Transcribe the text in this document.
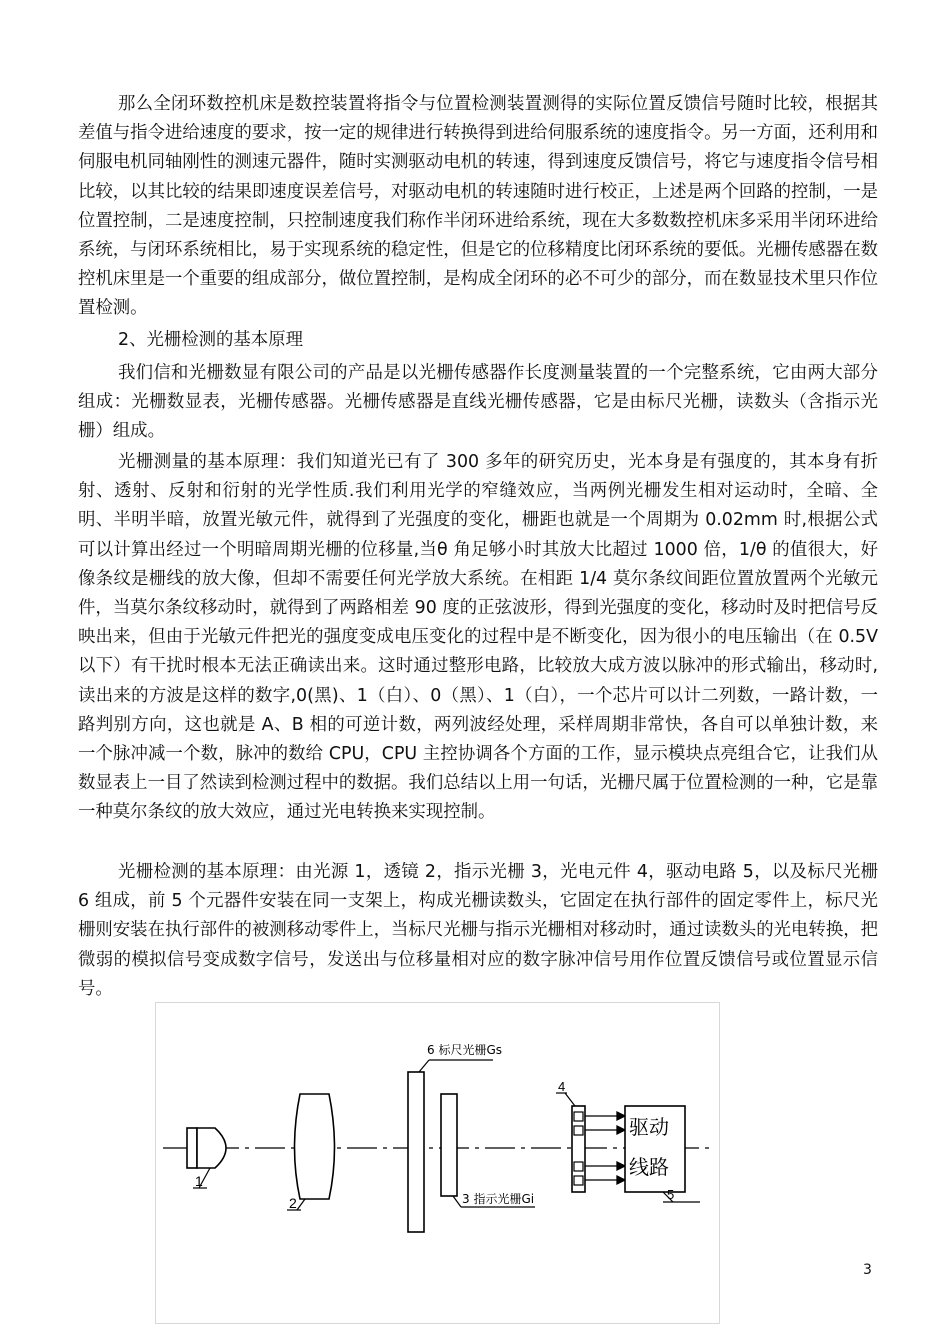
那么全闭环数控机床是数控装置将指令与位置检测装置测得的实际位置反馈信号随时比较，根据其差值与指令进给速度的要求，按一定的规律进行转换得到进给伺服系统的速度指令。另一方面，还利用和伺服电机同轴刚性的测速元器件，随时实测驱动电机的转速，得到速度反馈信号，将它与速度指令信号相比较，以其比较的结果即速度误差信号，对驱动电机的转速随时进行校正，上述是两个回路的控制，一是位置控制，二是速度控制，只控制速度我们称作半闭环进给系统，现在大多数数控机床多采用半闭环进给系统，与闭环系统相比，易于实现系统的稳定性，但是它的位移精度比闭环系统的要低。光栅传感器在数控机床里是一个重要的组成部分，做位置控制，是构成全闭环的必不可少的部分，而在数显技术里只作位置检测。

2、光栅检测的基本原理

我们信和光栅数显有限公司的产品是以光栅传感器作长度测量装置的一个完整系统，它由两大部分组成：光栅数显表，光栅传感器。光栅传感器是直线光栅传感器，它是由标尺光栅，读数头（含指示光栅）组成。

光栅测量的基本原理：我们知道光已有了 300 多年的研究历史，光本身是有强度的，其本身有折射、透射、反射和衍射的光学性质.我们利用光学的窄缝效应，当两例光栅发生相对运动时，全暗、全明、半明半暗，放置光敏元件，就得到了光强度的变化，栅距也就是一个周期为 0.02mm 时,根据公式可以计算出经过一个明暗周期光栅的位移量,当θ 角足够小时其放大比超过 1000 倍，1/θ 的值很大，好像条纹是栅线的放大像，但却不需要任何光学放大系统。在相距 1/4 莫尔条纹间距位置放置两个光敏元件，当莫尔条纹移动时，就得到了两路相差 90 度的正弦波形，得到光强度的变化，移动时及时把信号反映出来，但由于光敏元件把光的强度变成电压变化的过程中是不断变化，因为很小的电压输出（在 0.5V 以下）有干扰时根本无法正确读出来。这时通过整形电路，比较放大成方波以脉冲的形式输出，移动时,读出来的方波是这样的数字,0(黑)、1（白）、0（黑）、1（白），一个芯片可以计二列数，一路计数，一路判别方向，这也就是 A、B 相的可逆计数，两列波经处理，采样周期非常快，各自可以单独计数，来一个脉冲减一个数，脉冲的数给 CPU，CPU 主控协调各个方面的工作，显示模块点亮组合它，让我们从数显表上一目了然读到检测过程中的数据。我们总结以上用一句话，光栅尺属于位置检测的一种，它是靠一种莫尔条纹的放大效应，通过光电转换来实现控制。

光栅检测的基本原理：由光源 1，透镜 2，指示光栅 3，光电元件 4，驱动电路 5，以及标尺光栅 6 组成，前 5 个元器件安装在同一支架上，构成光栅读数头，它固定在执行部件的固定零件上，标尺光栅则安装在执行部件的被测移动零件上，当标尺光栅与指示光栅相对移动时，通过读数头的光电转换，把微弱的模拟信号变成数字信号，发送出与位移量相对应的数字脉冲信号用作位置反馈信号或位置显示信号。

1
2
6 标尺光栅Gs
3 指示光栅Gi
4
驱动
线路
5
3
